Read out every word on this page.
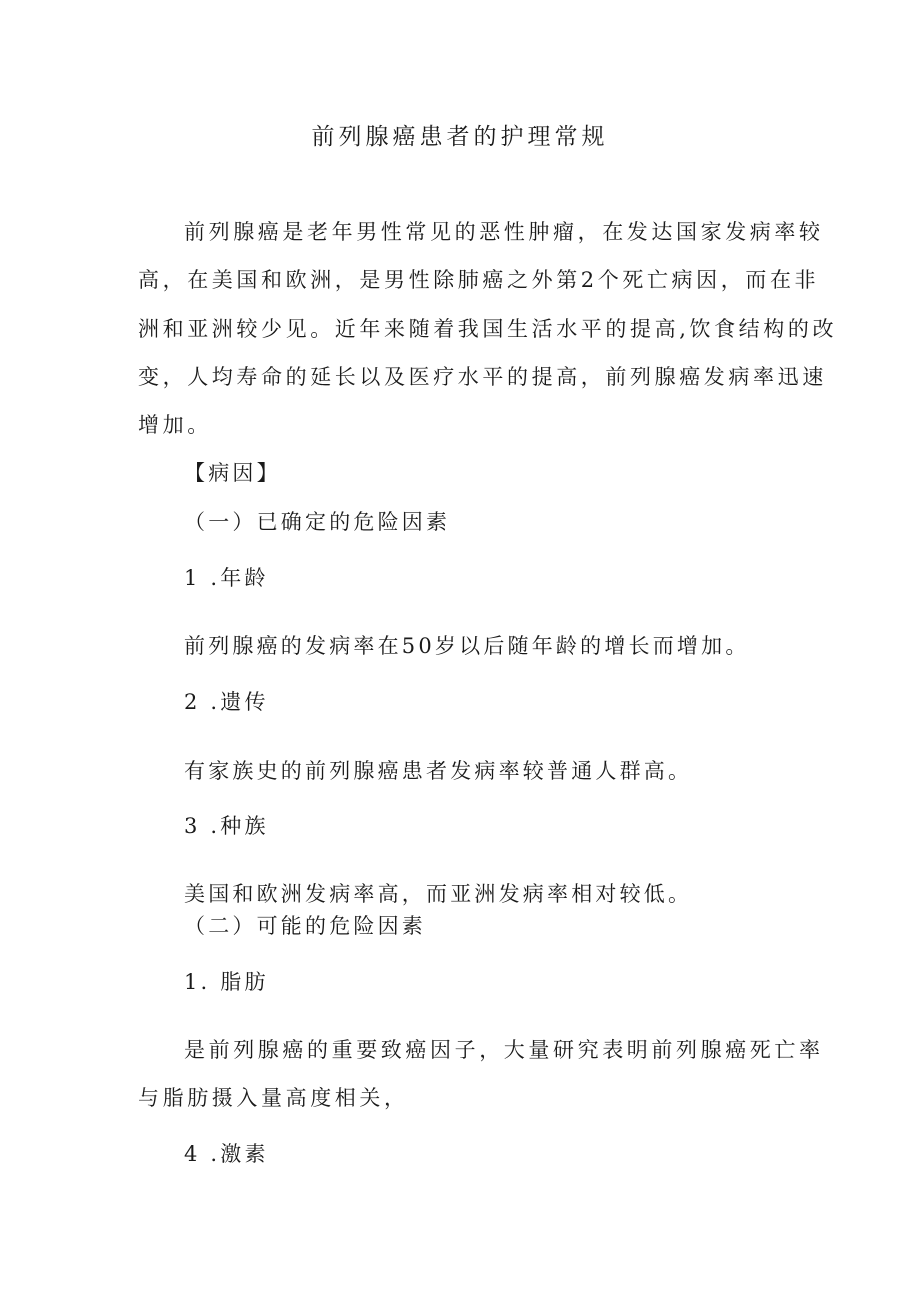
前列腺癌患者的护理常规
前列腺癌是老年男性常见的恶性肿瘤，在发达国家发病率较
高，在美国和欧洲，是男性除肺癌之外第2个死亡病因，而在非
洲和亚洲较少见。近年来随着我国生活水平的提高,饮食结构的改
变，人均寿命的延长以及医疗水平的提高，前列腺癌发病率迅速
增加。
【病因】
（一）已确定的危险因素
1 .年龄
前列腺癌的发病率在50岁以后随年龄的增长而增加。
2 .遗传
有家族史的前列腺癌患者发病率较普通人群高。
3 .种族
美国和欧洲发病率高，而亚洲发病率相对较低。
（二）可能的危险因素
1. 脂肪
是前列腺癌的重要致癌因子，大量研究表明前列腺癌死亡率
与脂肪摄入量高度相关，
4 .激素
